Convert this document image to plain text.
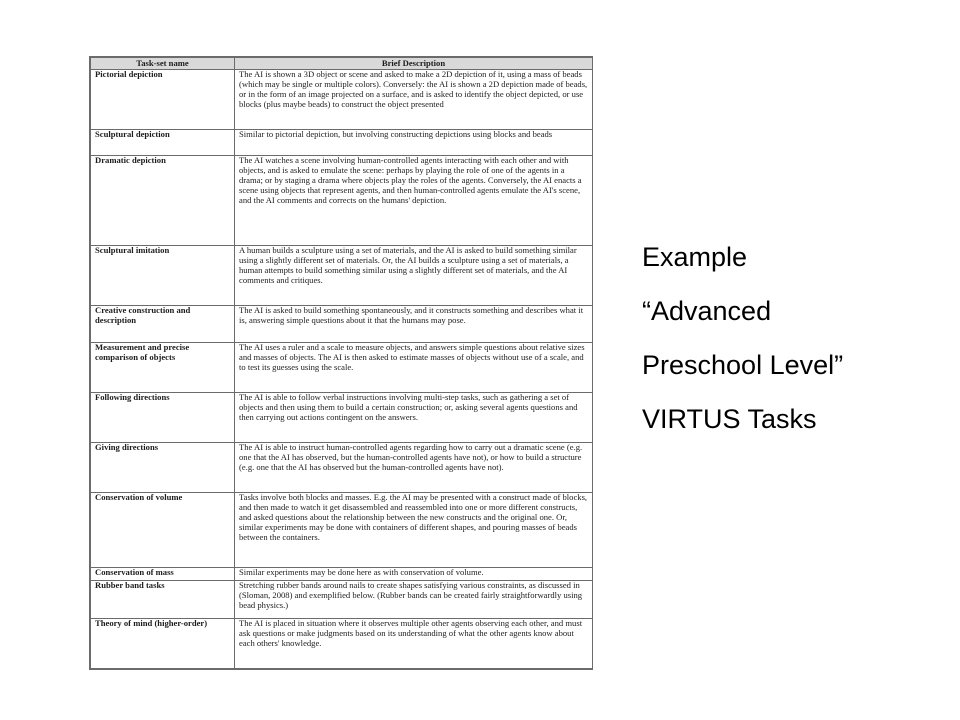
Task-set name	Brief Description
Pictorial depiction	The AI is shown a 3D object or scene and asked to make a 2D depiction of it, using a mass of beads (which may be single or multiple colors). Conversely: the AI is shown a 2D depiction made of beads, or in the form of an image projected on a surface, and is asked to identify the object depicted, or use blocks (plus maybe beads) to construct the object presented
Sculptural depiction	Similar to pictorial depiction, but involving constructing depictions using blocks and beads
Dramatic depiction	The AI watches a scene involving human-controlled agents interacting with each other and with objects, and is asked to emulate the scene: perhaps by playing the role of one of the agents in a drama; or by staging a drama where objects play the roles of the agents. Conversely, the AI enacts a scene using objects that represent agents, and then human-controlled agents emulate the AI's scene, and the AI comments and corrects on the humans' depiction.
Sculptural imitation	A human builds a sculpture using a set of materials, and the AI is asked to build something similar using a slightly different set of materials. Or, the AI builds a sculpture using a set of materials, a human attempts to build something similar using a slightly different set of materials, and the AI comments and critiques.
Creative construction and description	The AI is asked to build something spontaneously, and it constructs something and describes what it is, answering simple questions about it that the humans may pose.
Measurement and precise comparison of objects	The AI uses a ruler and a scale to measure objects, and answers simple questions about relative sizes and masses of objects. The AI is then asked to estimate masses of objects without use of a scale, and to test its guesses using the scale.
Following directions	The AI is able to follow verbal instructions involving multi-step tasks, such as gathering a set of objects and then using them to build a certain construction; or, asking several agents questions and then carrying out actions contingent on the answers.
Giving directions	The AI is able to instruct human-controlled agents regarding how to carry out a dramatic scene (e.g. one that the AI has observed, but the human-controlled agents have not), or how to build a structure (e.g. one that the AI has observed but the human-controlled agents have not).
Conservation of volume	Tasks involve both blocks and masses. E.g. the AI may be presented with a construct made of blocks, and then made to watch it get disassembled and reassembled into one or more different constructs, and asked questions about the relationship between the new constructs and the original one. Or, similar experiments may be done with containers of different shapes, and pouring masses of beads between the containers.
Conservation of mass	Similar experiments may be done here as with conservation of volume.
Rubber band tasks	Stretching rubber bands around nails to create shapes satisfying various constraints, as discussed in (Sloman, 2008) and exemplified below. (Rubber bands can be created fairly straightforwardly using bead physics.)
Theory of mind (higher-order)	The AI is placed in situation where it observes multiple other agents observing each other, and must ask questions or make judgments based on its understanding of what the other agents know about each others' knowledge.
Example
“Advanced
Preschool Level”
VIRTUS Tasks
